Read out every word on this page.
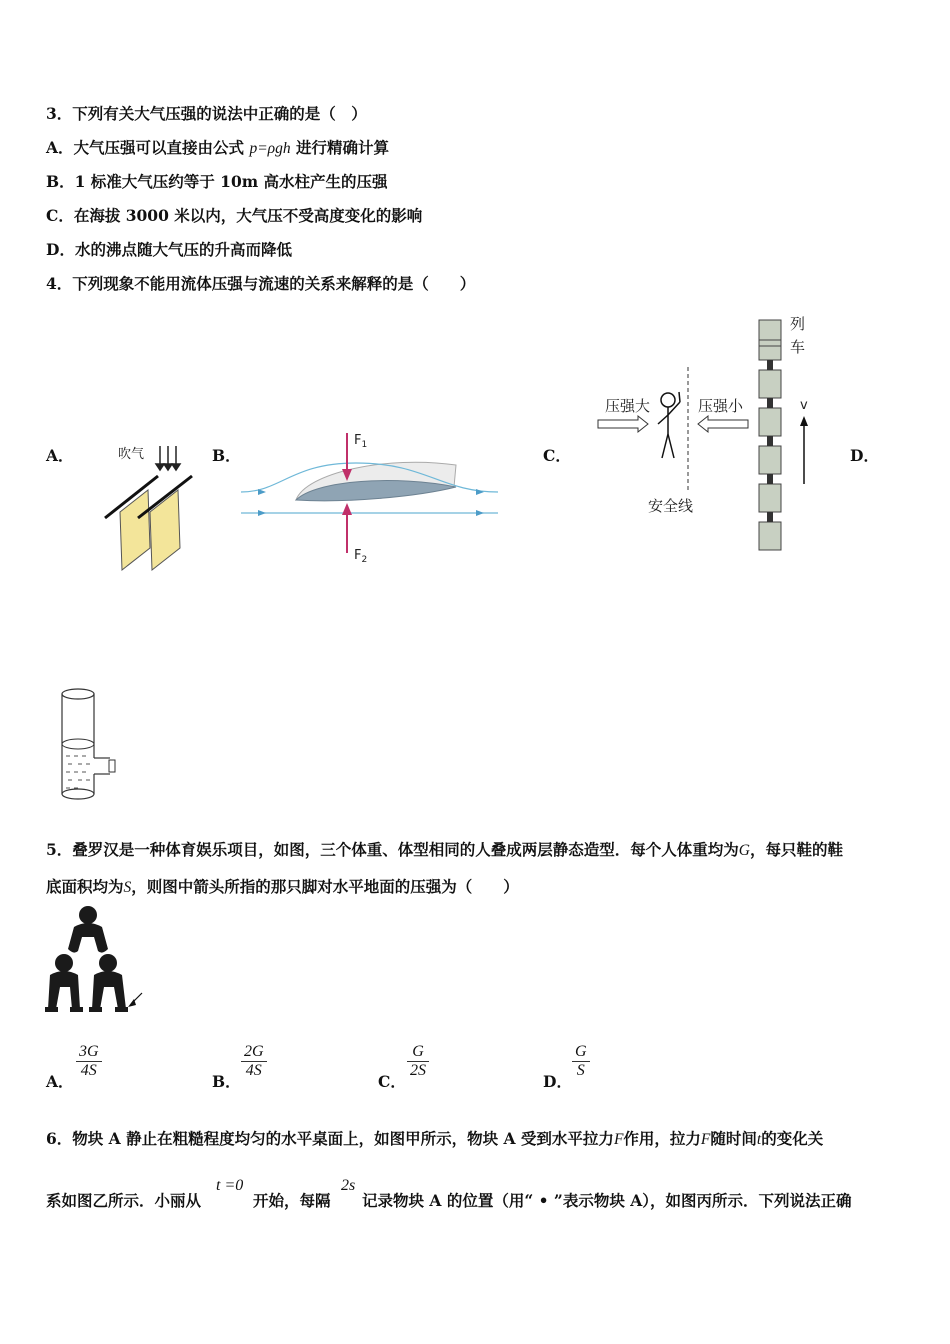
3．下列有关大气压强的说法中正确的是（　）
A．大气压强可以直接由公式 p=ρgh 进行精确计算
B．1 标准大气压约等于 10m 高水柱产生的压强
C．在海拔 3000 米以内，大气压不受高度变化的影响
D．水的沸点随大气压的升高而降低
4．下列现象不能用流体压强与流速的关系来解释的是（　　）
A．	B．	C．	D．
吹气
$F_1$
$F_2$
压强大	压强小
安全线
列
车
v
5．叠罗汉是一种体育娱乐项目，如图，三个体重、体型相同的人叠成两层静态造型．每个人体重均为G，每只鞋的鞋
底面积均为S，则图中箭头所指的那只脚对水平地面的压强为（　　）
A．
$\frac{3G}{4S}$
B．
$\frac{2G}{4S}$
C．
$\frac{G}{2S}$
D．
$\frac{G}{S}$
6．物块 A 静止在粗糙程度均匀的水平桌面上，如图甲所示，物块 A 受到水平拉力F作用，拉力F随时间t的变化关
系如图乙所示．小丽从
t =0
开始，每隔
2s
记录物块 A 的位置（用“ • ”表示物块 A），如图丙所示．下列说法正确
